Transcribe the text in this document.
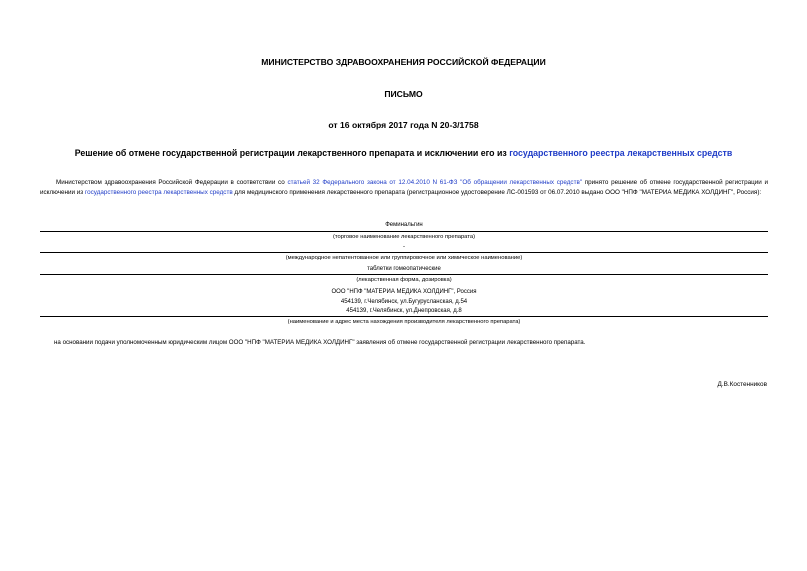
МИНИСТЕРСТВО ЗДРАВООХРАНЕНИЯ РОССИЙСКОЙ ФЕДЕРАЦИИ
ПИСЬМО
от 16 октября 2017 года N 20-3/1758
Решение об отмене государственной регистрации лекарственного препарата и исключении его из государственного реестра лекарственных средств
Министерством здравоохранения Российской Федерации в соответствии со статьей 32 Федерального закона от 12.04.2010 N 61-ФЗ "Об обращении лекарственных средств" принято решение об отмене государственной регистрации и исключении из государственного реестра лекарственных средств для медицинского применения лекарственного препарата (регистрационное удостоверение ЛС-001593 от 06.07.2010 выдано ООО "НПФ "МАТЕРИА МЕДИКА ХОЛДИНГ", Россия):
Феминальгин
(торговое наименование лекарственного препарата)
-
(международное непатентованное или группировочное или химическое наименование)
таблетки гомеопатические
(лекарственная форма, дозировка)
ООО "НПФ "МАТЕРИА МЕДИКА ХОЛДИНГ", Россия
454139, г.Челябинск, ул.Бугурусланская, д.54
454139, г.Челябинск, ул.Днепровская, д.8
(наименование и адрес места нахождения производителя лекарственного препарата)
на основании подачи уполномоченным юридическим лицом ООО "НПФ "МАТЕРИА МЕДИКА ХОЛДИНГ" заявления об отмене государственной регистрации лекарственного препарата.
Д.В.Костенников
